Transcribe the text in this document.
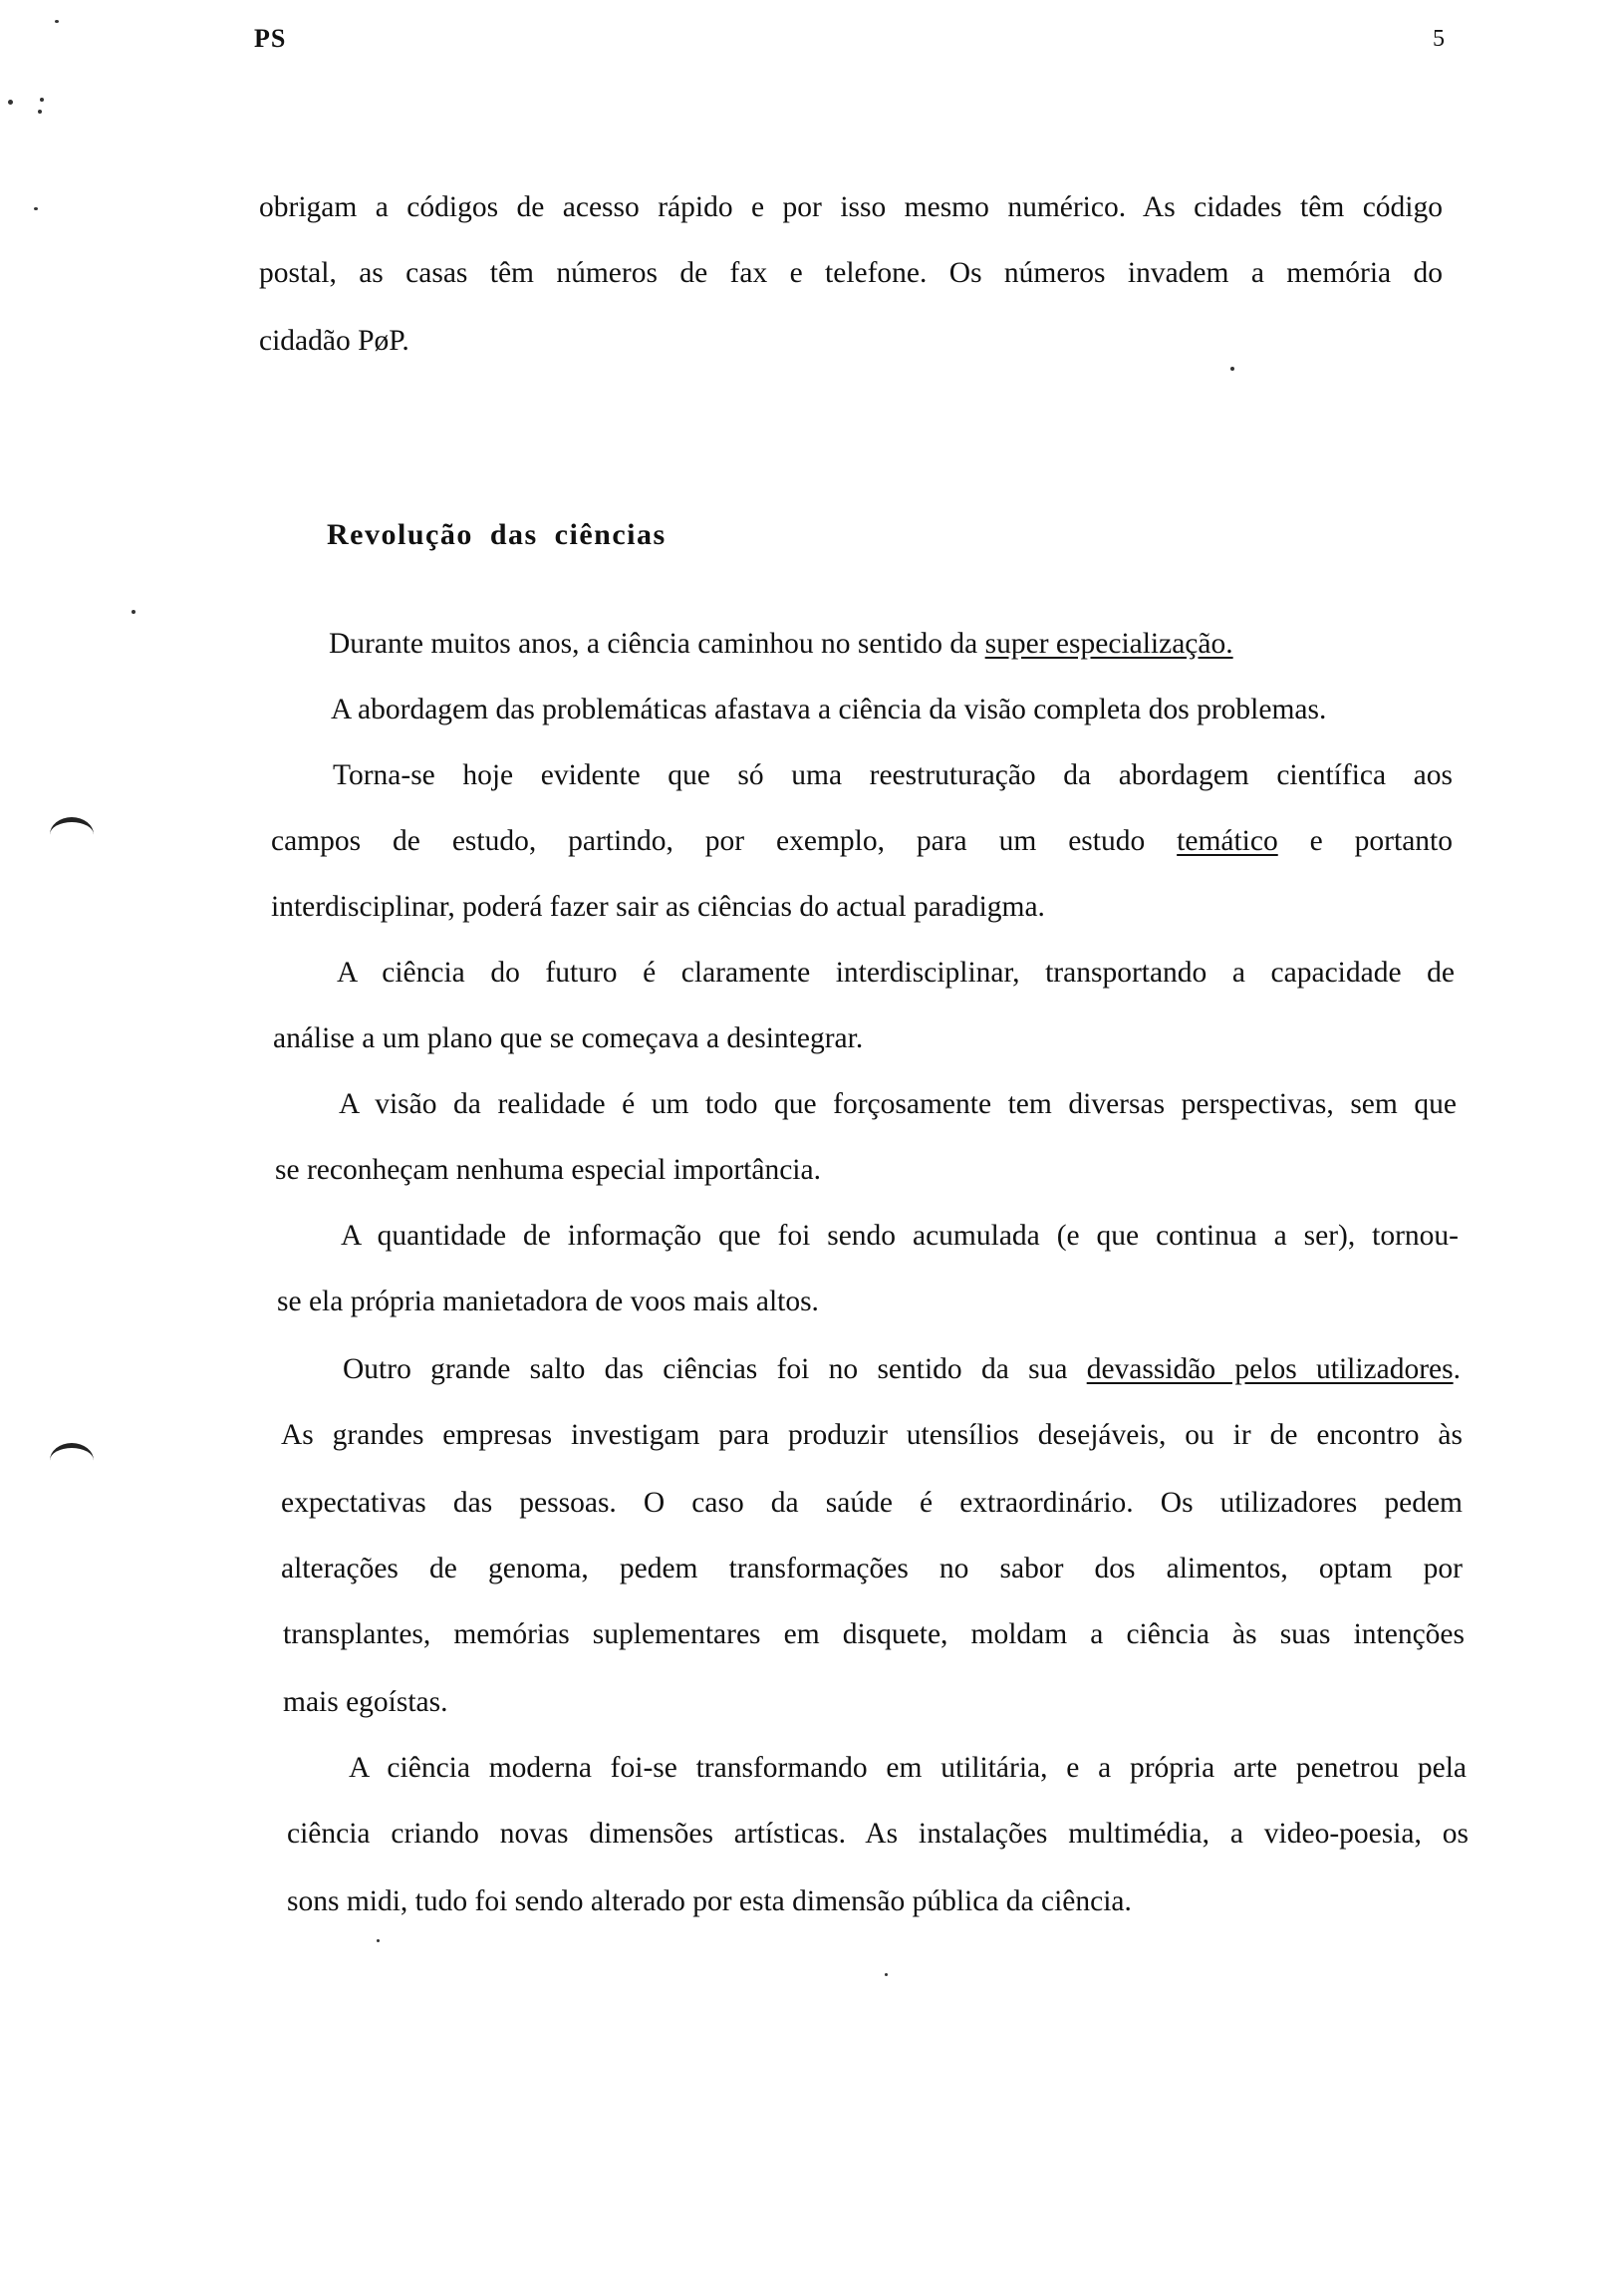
PS	5
obrigam a códigos de acesso rápido e por isso mesmo numérico. As cidades têm código
postal, as casas têm números de fax e telefone. Os números invadem a memória do
cidadão PøP.
Revolução das ciências
Durante muitos anos, a ciência caminhou no sentido da super especialização.
A abordagem das problemáticas afastava a ciência da visão completa dos problemas.
Torna-se hoje evidente que só uma reestruturação da abordagem científica aos
campos de estudo, partindo, por exemplo, para um estudo temático e portanto
interdisciplinar, poderá fazer sair as ciências do actual paradigma.
A ciência do futuro é claramente interdisciplinar, transportando a capacidade de
análise a um plano que se começava a desintegrar.
A visão da realidade é um todo que forçosamente tem diversas perspectivas, sem que
se reconheçam nenhuma especial importância.
A quantidade de informação que foi sendo acumulada (e que continua a ser), tornou-
se ela própria manietadora de voos mais altos.
Outro grande salto das ciências foi no sentido da sua devassidão pelos utilizadores.
As grandes empresas investigam para produzir utensílios desejáveis, ou ir de encontro às
expectativas das pessoas. O caso da saúde é extraordinário. Os utilizadores pedem
alterações de genoma, pedem transformações no sabor dos alimentos, optam por
transplantes, memórias suplementares em disquete, moldam a ciência às suas intenções
mais egoístas.
A ciência moderna foi-se transformando em utilitária, e a própria arte penetrou pela
ciência criando novas dimensões artísticas. As instalações multimédia, a video-poesia, os
sons midi, tudo foi sendo alterado por esta dimensão pública da ciência.
